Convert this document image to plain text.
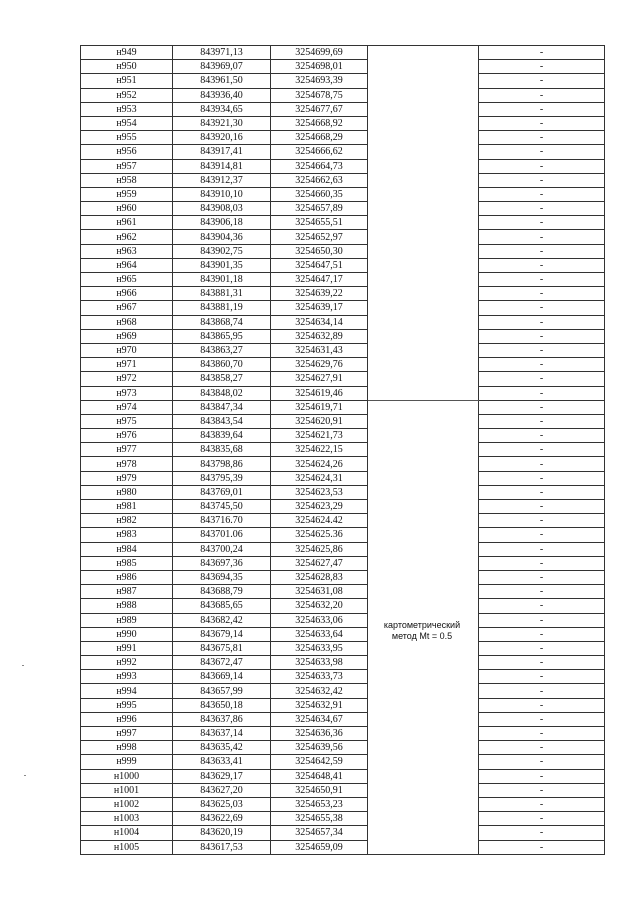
н949	843971,13	3254699,69		-
н950	843969,07	3254698,01		-
н951	843961,50	3254693,39		-
н952	843936,40	3254678,75		-
н953	843934,65	3254677,67		-
н954	843921,30	3254668,92		-
н955	843920,16	3254668,29		-
н956	843917,41	3254666,62		-
н957	843914,81	3254664,73		-
н958	843912,37	3254662,63		-
н959	843910,10	3254660,35		-
н960	843908,03	3254657,89		-
н961	843906,18	3254655,51		-
н962	843904,36	3254652,97		-
н963	843902,75	3254650,30		-
н964	843901,35	3254647,51		-
н965	843901,18	3254647,17		-
н966	843881,31	3254639,22		-
н967	843881,19	3254639,17		-
н968	843868,74	3254634,14		-
н969	843865,95	3254632,89		-
н970	843863,27	3254631,43		-
н971	843860,70	3254629,76		-
н972	843858,27	3254627,91		-
н973	843848,02	3254619,46		-
н974	843847,34	3254619,71		-
н975	843843,54	3254620,91		-
н976	843839,64	3254621,73		-
н977	843835,68	3254622,15		-
н978	843798,86	3254624,26		-
н979	843795,39	3254624,31		-
н980	843769,01	3254623,53		-
н981	843745,50	3254623,29		-
н982	843716.70	3254624.42		-
н983	843701.06	3254625.36		-
н984	843700,24	3254625,86		-
н985	843697,36	3254627,47		-
н986	843694,35	3254628,83		-
н987	843688,79	3254631,08		-
н988	843685,65	3254632,20		-
н989	843682,42	3254633,06		-
н990	843679,14	3254633,64		-
н991	843675,81	3254633,95		-
н992	843672,47	3254633,98		-
н993	843669,14	3254633,73		-
н994	843657,99	3254632,42		-
н995	843650,18	3254632,91		-
н996	843637,86	3254634,67		-
н997	843637,14	3254636,36		-
н998	843635,42	3254639,56		-
н999	843633,41	3254642,59		-
н1000	843629,17	3254648,41		-
н1001	843627,20	3254650,91		-
н1002	843625,03	3254653,23		-
н1003	843622,69	3254655,38		-
н1004	843620,19	3254657,34		-
н1005	843617,53	3254659,09		-
картометрический
метод Mt = 0.5
